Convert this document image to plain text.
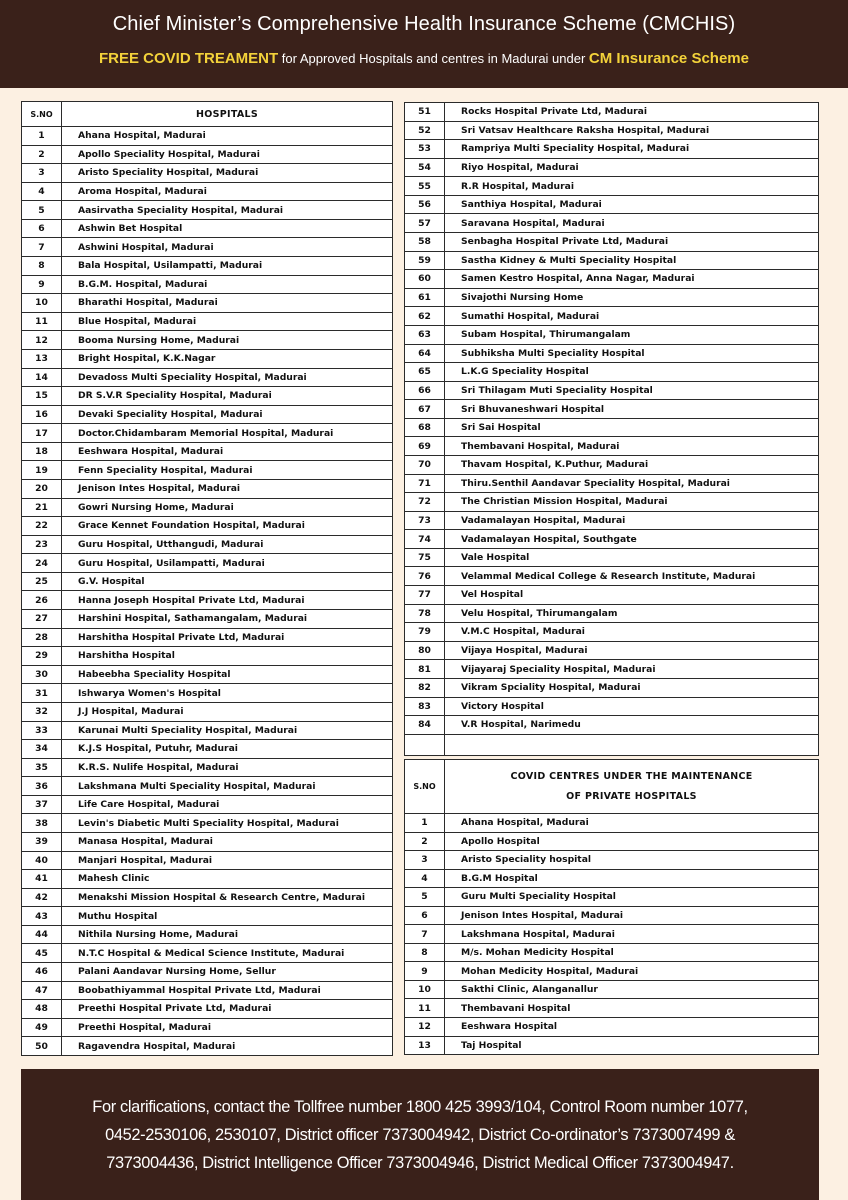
Chief Minister’s Comprehensive Health Insurance Scheme (CMCHIS)
FREE COVID TREAMENT for Approved Hospitals and centres in Madurai under CM Insurance Scheme
S.NO	HOSPITALS
1	Ahana Hospital, Madurai
2	Apollo Speciality Hospital, Madurai
3	Aristo Speciality Hospital, Madurai
4	Aroma Hospital, Madurai
5	Aasirvatha Speciality Hospital, Madurai
6	Ashwin Bet Hospital
7	Ashwini Hospital, Madurai
8	Bala Hospital, Usilampatti, Madurai
9	B.G.M. Hospital, Madurai
10	Bharathi Hospital, Madurai
11	Blue Hospital, Madurai
12	Booma Nursing Home, Madurai
13	Bright Hospital, K.K.Nagar
14	Devadoss Multi Speciality Hospital, Madurai
15	DR S.V.R Speciality Hospital, Madurai
16	Devaki Speciality Hospital, Madurai
17	Doctor.Chidambaram Memorial Hospital, Madurai
18	Eeshwara Hospital, Madurai
19	Fenn Speciality Hospital, Madurai
20	Jenison Intes Hospital, Madurai
21	Gowri Nursing Home, Madurai
22	Grace Kennet Foundation Hospital, Madurai
23	Guru Hospital, Utthangudi, Madurai
24	Guru Hospital, Usilampatti, Madurai
25	G.V. Hospital
26	Hanna Joseph Hospital Private Ltd, Madurai
27	Harshini Hospital, Sathamangalam, Madurai
28	Harshitha Hospital Private Ltd, Madurai
29	Harshitha Hospital
30	Habeebha Speciality Hospital
31	Ishwarya Women's Hospital
32	J.J Hospital, Madurai
33	Karunai Multi Speciality Hospital, Madurai
34	K.J.S Hospital, Putuhr, Madurai
35	K.R.S. Nulife Hospital, Madurai
36	Lakshmana Multi Speciality Hospital, Madurai
37	Life Care Hospital, Madurai
38	Levin's Diabetic Multi Speciality Hospital, Madurai
39	Manasa Hospital, Madurai
40	Manjari Hospital, Madurai
41	Mahesh Clinic
42	Menakshi Mission Hospital & Research Centre, Madurai
43	Muthu Hospital
44	Nithila Nursing Home, Madurai
45	N.T.C Hospital & Medical Science Institute, Madurai
46	Palani Aandavar Nursing Home, Sellur
47	Boobathiyammal Hospital Private Ltd, Madurai
48	Preethi Hospital Private Ltd, Madurai
49	Preethi Hospital, Madurai
50	Ragavendra Hospital, Madurai
51	Rocks Hospital Private Ltd, Madurai
52	Sri Vatsav Healthcare Raksha Hospital, Madurai
53	Rampriya Multi Speciality Hospital, Madurai
54	Riyo Hospital, Madurai
55	R.R Hospital, Madurai
56	Santhiya Hospital, Madurai
57	Saravana Hospital, Madurai
58	Senbagha Hospital Private Ltd, Madurai
59	Sastha Kidney & Multi Speciality Hospital
60	Samen Kestro Hospital, Anna Nagar, Madurai
61	Sivajothi Nursing Home
62	Sumathi Hospital, Madurai
63	Subam Hospital, Thirumangalam
64	Subhiksha Multi Speciality Hospital
65	L.K.G Speciality Hospital
66	Sri Thilagam Muti Speciality Hospital
67	Sri Bhuvaneshwari Hospital
68	Sri Sai Hospital
69	Thembavani Hospital, Madurai
70	Thavam Hospital, K.Puthur, Madurai
71	Thiru.Senthil Aandavar Speciality Hospital, Madurai
72	The Christian Mission Hospital, Madurai
73	Vadamalayan Hospital, Madurai
74	Vadamalayan Hospital, Southgate
75	Vale Hospital
76	Velammal Medical College & Research Institute, Madurai
77	Vel Hospital
78	Velu Hospital, Thirumangalam
79	V.M.C Hospital, Madurai
80	Vijaya Hospital, Madurai
81	Vijayaraj Speciality Hospital, Madurai
82	Vikram Spciality Hospital, Madurai
83	Victory Hospital
84	V.R Hospital, Narimedu

S.NO	COVID CENTRES UNDER THE MAINTENANCE
OF PRIVATE HOSPITALS
1	Ahana Hospital, Madurai
2	Apollo Hospital
3	Aristo Speciality hospital
4	B.G.M Hospital
5	Guru Multi Speciality Hospital
6	Jenison Intes Hospital, Madurai
7	Lakshmana Hospital, Madurai
8	M/s. Mohan Medicity Hospital
9	Mohan Medicity Hospital, Madurai
10	Sakthi Clinic, Alanganallur
11	Thembavani Hospital
12	Eeshwara Hospital
13	Taj Hospital
For clarifications, contact the Tollfree number 1800 425 3993/104, Control Room number 1077,
0452-2530106, 2530107, District officer 7373004942, District Co-ordinator’s 7373007499 &
7373004436, District Intelligence Officer 7373004946, District Medical Officer 7373004947.
